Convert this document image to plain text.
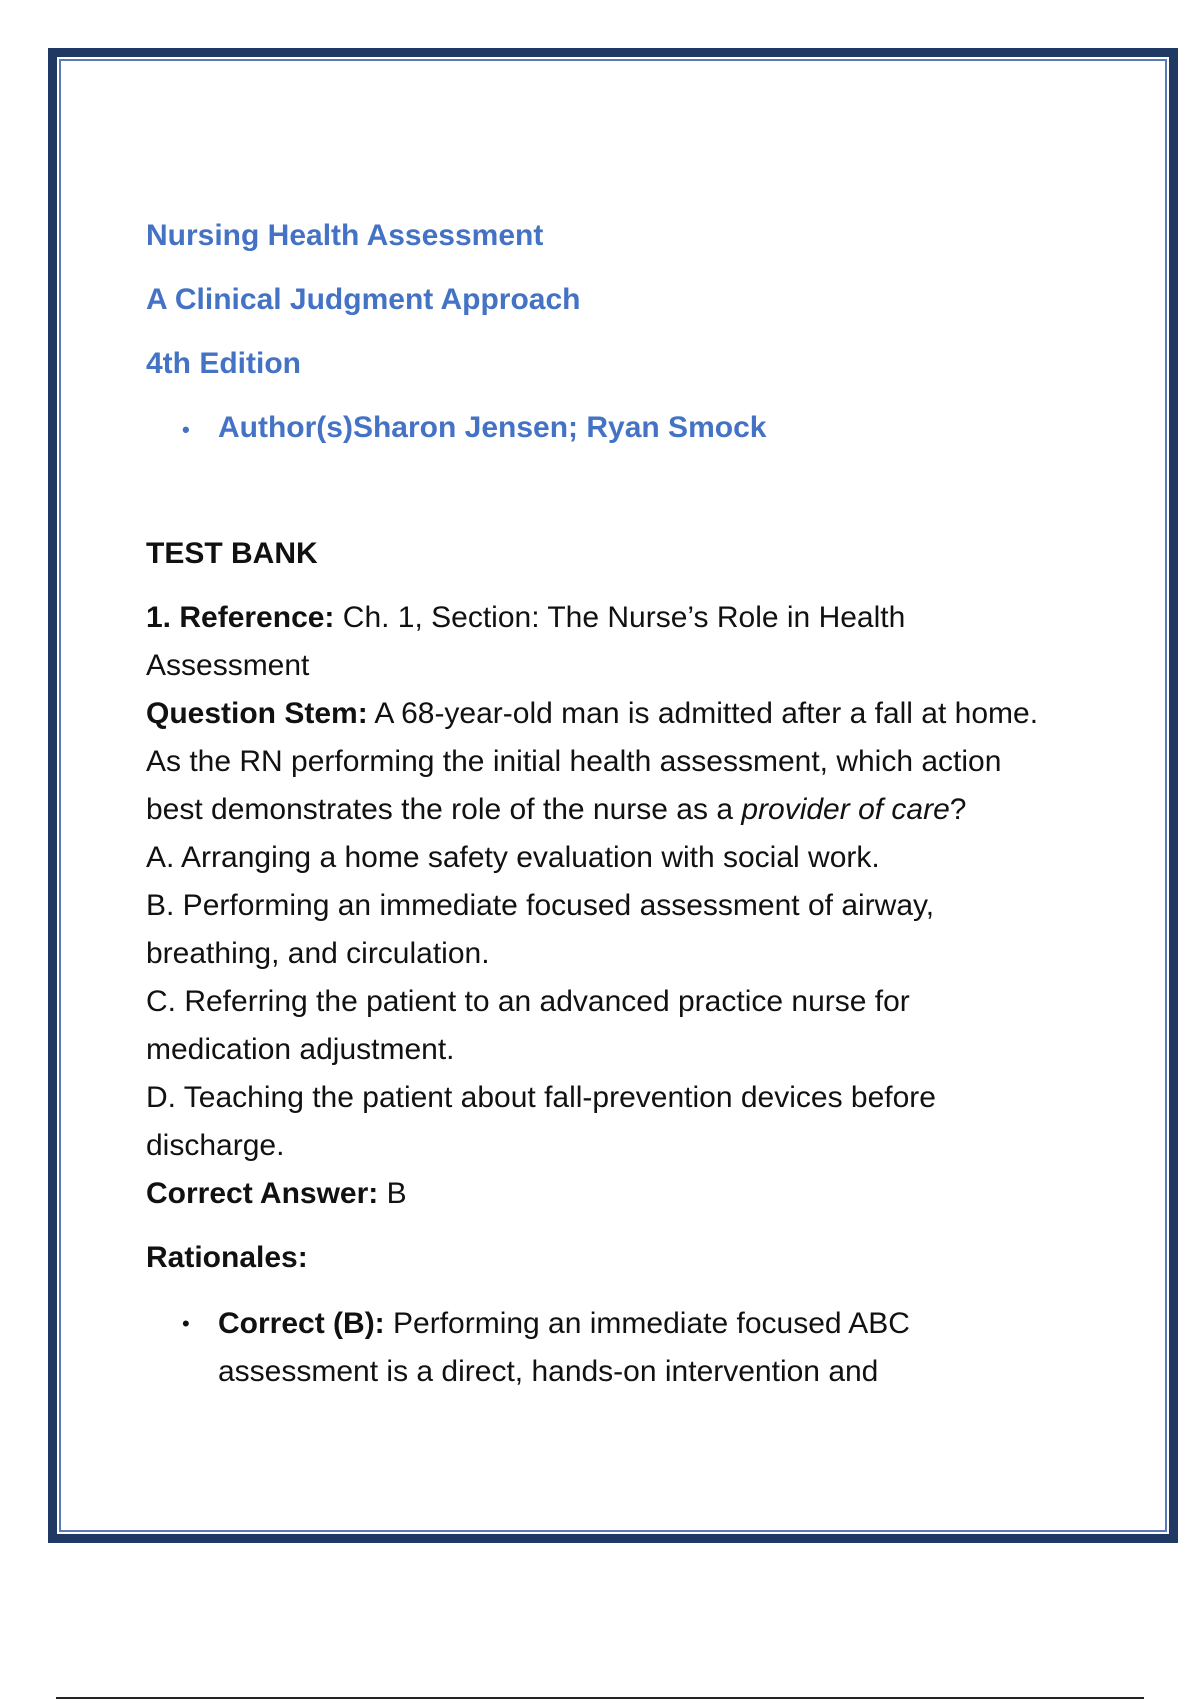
Nursing Health Assessment
A Clinical Judgment Approach
4th Edition
• Author(s)Sharon Jensen; Ryan Smock
TEST BANK

1. Reference: Ch. 1, Section: The Nurse’s Role in Health Assessment

Question Stem: A 68-year-old man is admitted after a fall at home. As the RN performing the initial health assessment, which action best demonstrates the role of the nurse as a provider of care?

A. Arranging a home safety evaluation with social work.

B. Performing an immediate focused assessment of airway, breathing, and circulation.

C. Referring the patient to an advanced practice nurse for medication adjustment.

D. Teaching the patient about fall-prevention devices before discharge.

Correct Answer: B

Rationales:
• Correct (B): Performing an immediate focused ABC assessment is a direct, hands-on intervention and
